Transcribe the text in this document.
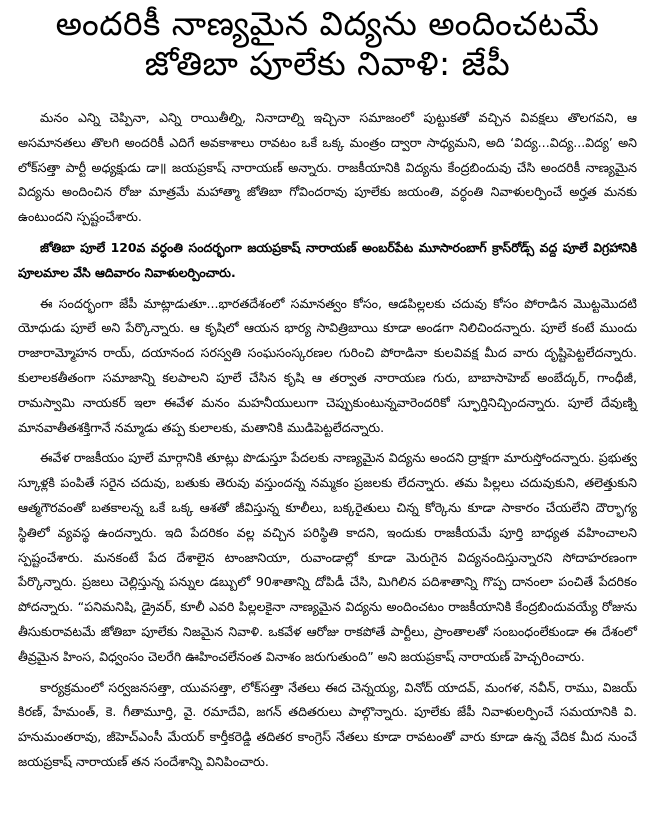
అందరికీ నాణ్యమైన విద్యను అందించటమే
జోతిబా పూలేకు నివాళి: జేపీ

మనం ఎన్ని చెప్పినా, ఎన్ని రాయితీల్ని, నినాదాల్ని ఇచ్చినా సమాజంలో పుట్టుకతో వచ్చిన వివక్షలు తొలగవని, ఆ అసమానతలు తొలగి అందరికీ ఎదిగే అవకాశాలు రావటం ఒకే ఒక్క మంత్రం ద్వారా సాధ్యమని, అది ‘విద్య...విద్య...విద్య’ అని లోక్‌సత్తా పార్టీ అధ్యక్షుడు డా॥ జయప్రకాష్ నారాయణ్ అన్నారు. రాజకీయానికి విద్యను కేంద్రబిందువు చేసి అందరికీ నాణ్యమైన విద్యను అందించిన రోజు మాత్రమే మహాత్మా జోతిబా గోవిందరావు పూలేకు జయంతి, వర్ధంతి నివాళులర్పించే అర్హత మనకు ఉంటుందని స్పష్టంచేశారు.

జోతిబా పూలే 120వ వర్ధంతి సందర్భంగా జయప్రకాష్ నారాయణ్ అంబర్‌పేట మూసారంబాగ్ క్రాస్‌రోడ్స్ వద్ద పూలే విగ్రహానికి పూలమాల వేసి ఆదివారం నివాళులర్పించారు.

ఈ సందర్భంగా జేపీ మాట్లాడుతూ...భారతదేశంలో సమానత్వం కోసం, ఆడపిల్లలకు చదువు కోసం పోరాడిన మొట్టమొదటి యోధుడు పూలే అని పేర్కొన్నారు. ఆ కృషిలో ఆయన భార్య సావిత్రిబాయి కూడా అండగా నిలిచిందన్నారు. పూలే కంటే ముందు రాజారామ్మోహన రాయ్, దయానంద సరస్వతి సంఘసంస్కరణల గురించి పోరాడినా కులవివక్ష మీద వారు దృష్టిపెట్టలేదన్నారు. కులాలకతీతంగా సమాజాన్ని కలపాలని పూలే చేసిన కృషి ఆ తర్వాత నారాయణ గురు, బాబాసాహెబ్ అంబేద్కర్, గాంధీజీ, రామస్వామి నాయకర్ ఇలా ఈవేళ మనం మహనీయులుగా చెప్పుకుంటున్నవారెందరికో స్ఫూర్తినిచ్చిందన్నారు. పూలే దేవుణ్ని మానవాతీతశక్తిగానే నమ్మాడు తప్ప కులాలకు, మతానికి ముడిపెట్టలేదన్నారు.

ఈవేళ రాజకీయం పూలే మార్గానికి తూట్లు పొడుస్తూ పేదలకు నాణ్యమైన విద్యను అందని ద్రాక్షగా మారుస్తోందన్నారు. ప్రభుత్వ స్కూళ్లకి పంపితే సరైన చదువు, బతుకు తెరువు వస్తుందన్న నమ్మకం ప్రజలకు లేదన్నారు. తమ పిల్లలు చదువుకుని, తలెత్తుకుని ఆత్మగౌరవంతో బతకాలన్న ఒకే ఒక్క ఆశతో జీవిస్తున్న కూలీలు, బక్కరైతులు చిన్న కోర్కెను కూడా సాకారం చేయలేని దౌర్భాగ్య స్థితిలో వ్యవస్థ ఉందన్నారు. ఇది పేదరికం వల్ల వచ్చిన పరిస్థితి కాదని, ఇందుకు రాజకీయమే పూర్తి బాధ్యత వహించాలని స్పష్టంచేశారు. మనకంటే పేద దేశాలైన టాంజానియా, రువాండాల్లో కూడా మెరుగైన విద్యనందిస్తున్నారని సోదాహరణంగా పేర్కొన్నారు. ప్రజలు చెల్లిస్తున్న పన్నుల డబ్బులో 90శాతాన్ని దోపిడీ చేసి, మిగిలిన పదిశాతాన్ని గొప్ప దానంలా పంచితే పేదరికం పోదన్నారు. “పనిమనిషి, డ్రైవర్, కూలీ ఎవరి పిల్లలకైనా నాణ్యమైన విద్యను అందించటం రాజకీయానికి కేంద్రబిందువయ్యే రోజును తీసుకురావటమే జోతిబా పూలేకు నిజమైన నివాళి. ఒకవేళ ఆరోజు రాకపోతే పార్టీలు, ప్రాంతాలతో సంబంధంలేకుండా ఈ దేశంలో తీవ్రమైన హింస, విధ్వంసం చెలరేగి ఊహించలేనంత వినాశం జరుగుతుంది” అని జయప్రకాష్ నారాయణ్ హెచ్చరించారు.

కార్యక్రమంలో సర్వజనసత్తా, యువసత్తా, లోక్‌సత్తా నేతలు ఈద చెన్నయ్య, వినోద్ యాదవ్, మంగళ, నవీన్, రాము, విజయ్ కిరణ్, హేమంత్, కె. గీతామూర్తి, వై. రమాదేవి, జగన్ తదితరులు పాల్గొన్నారు. పూలేకు జేపీ నివాళులర్పించే సమయానికి వి. హనుమంతరావు, జీహెచ్ఎంసీ మేయర్ కార్తీకరెడ్డి తదితర కాంగ్రెస్ నేతలు కూడా రావటంతో వారు కూడా ఉన్న వేదిక మీద నుంచే జయప్రకాష్ నారాయణ్ తన సందేశాన్ని వినిపించారు.
